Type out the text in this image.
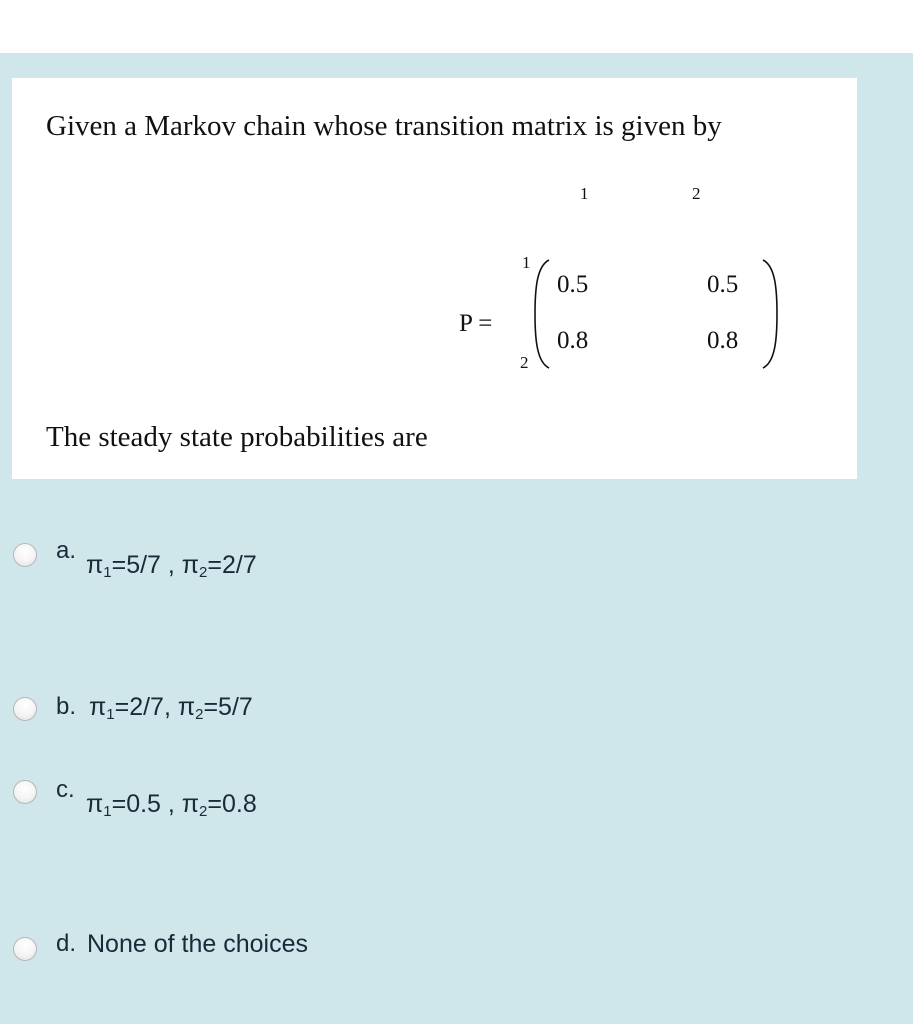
Given a Markov chain whose transition matrix is given by
1	2
1
2
P =
0.5	0.5
0.8	0.8
The steady state probabilities are
a.
$\pi_1=5/7$ , $\pi_2=2/7$
b. $\pi_1=2/7$, $\pi_2=5/7$
c.
$\pi_1=0.5$ , $\pi_2=0.8$
d. None of the choices
